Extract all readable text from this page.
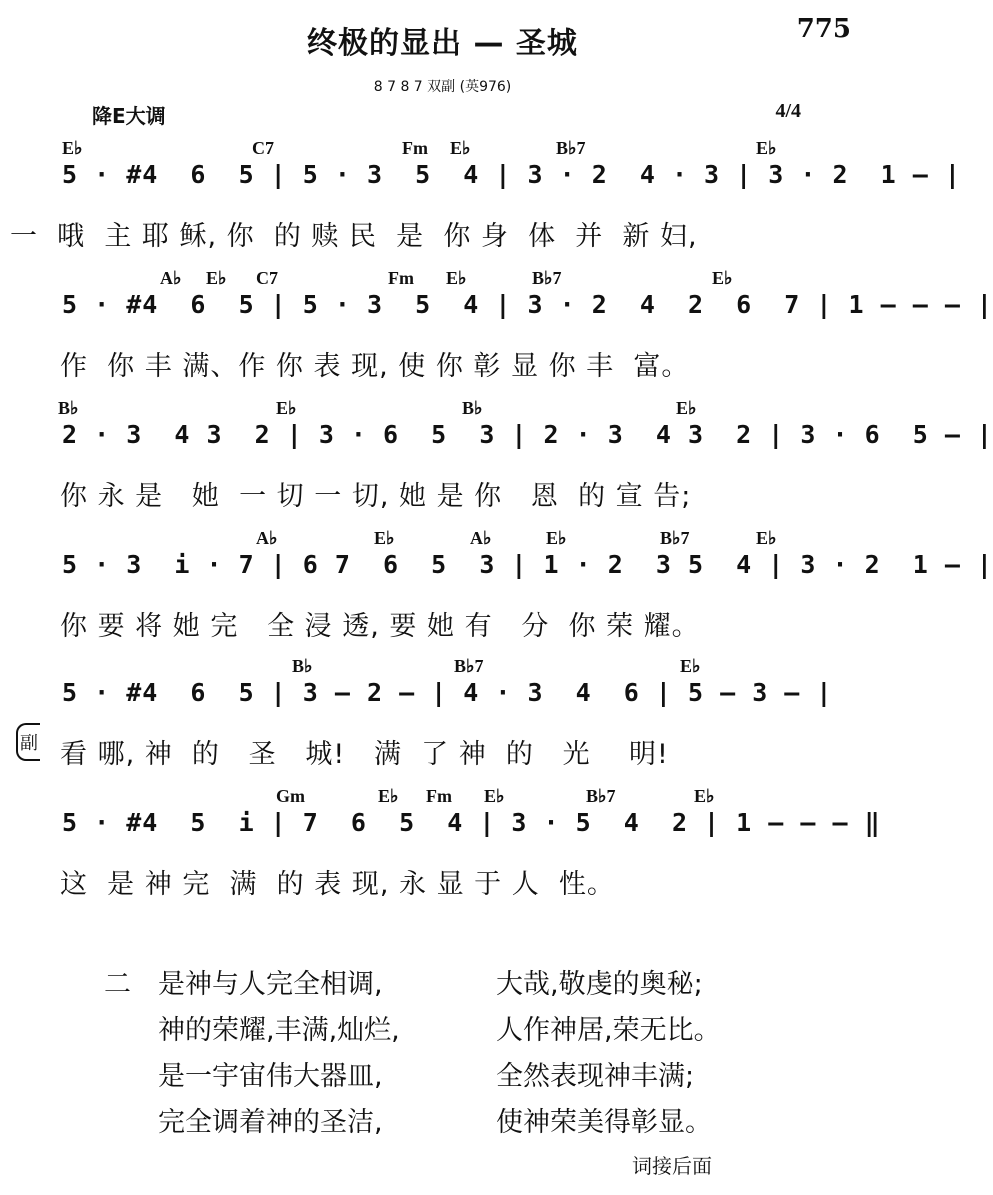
终极的显出 — 圣城	775
8 7 8 7 双副 (英976)
降E大调	4/4
E♭	C7	Fm E♭	B♭7	E♭
5 · #4  6  5 | 5 · 3  5  4 | 3 · 2  4 · 3 | 3 · 2  1 — |
一  哦  主 耶 稣, 你  的 赎 民  是  你 身  体  并  新 妇,
A♭ E♭ C7	Fm E♭	B♭7	E♭
5 · #4  6  5 | 5 · 3  5  4 | 3 · 2  4  2  6  7 | 1 — — — |
作  你 丰 满、作 你 表 现, 使 你 彰 显 你 丰  富。
B♭	E♭	B♭	E♭
2 · 3  4 3  2 | 3 · 6  5  3 | 2 · 3  4 3  2 | 3 · 6  5 — |
你 永 是   她  一 切 一 切, 她 是 你   恩  的 宣 告;
A♭	E♭	A♭	E♭	B♭7	E♭
5 · 3  i · 7 | 6 7  6  5  3 | 1 · 2  3 5  4 | 3 · 2  1 — |
你 要 将 她 完   全 浸 透, 要 她 有   分  你 荣 耀。
B♭	B♭7	E♭
5 · #4  6  5 | 3 — 2 — | 4 · 3  4  6 | 5 — 3 — |
副 看 哪, 神  的   圣   城!   满  了 神  的   光    明!
Gm	E♭ Fm E♭	B♭7	E♭
5 · #4  5  i | 7  6  5  4 | 3 · 5  4  2 | 1 — — — ‖
这  是 神 完  满  的 表 现, 永 显 于 人  性。
二 是神与人完全相调,	大哉,敬虔的奥秘;
神的荣耀,丰满,灿烂,	人作神居,荣无比。
是一宇宙伟大器皿,	全然表现神丰满;
完全调着神的圣洁,	使神荣美得彰显。
词接后面
